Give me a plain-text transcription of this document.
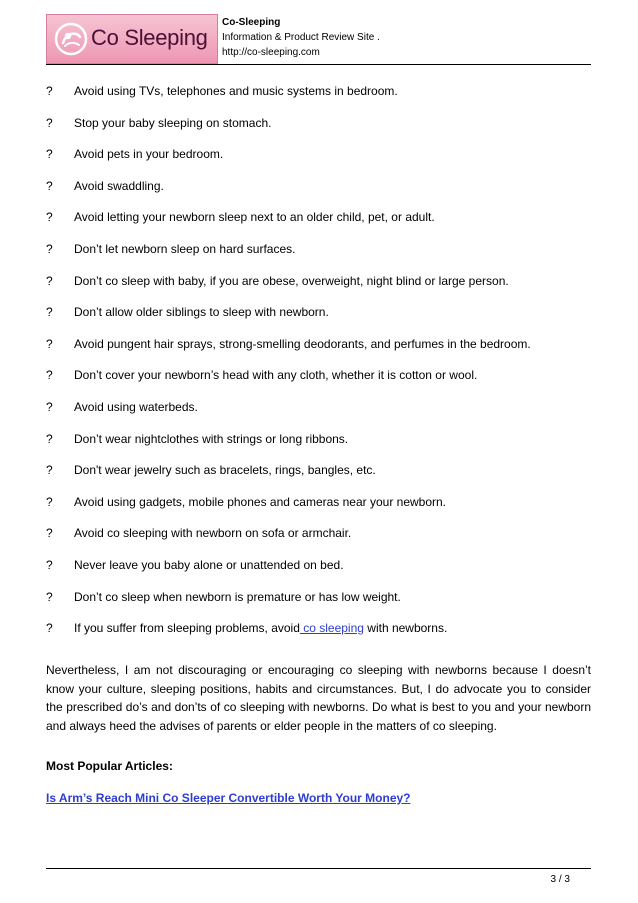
Co Sleeping
Co-Sleeping
Information & Product Review Site .
http://co-sleeping.com
? Avoid using TVs, telephones and music systems in bedroom.
? Stop your baby sleeping on stomach.
? Avoid pets in your bedroom.
? Avoid swaddling.
? Avoid letting your newborn sleep next to an older child, pet, or adult.
? Don’t let newborn sleep on hard surfaces.
? Don’t co sleep with baby, if you are obese, overweight, night blind or large person.
? Don’t allow older siblings to sleep with newborn.
? Avoid pungent hair sprays, strong-smelling deodorants, and perfumes in the bedroom.
? Don’t cover your newborn’s head with any cloth, whether it is cotton or wool.
? Avoid using waterbeds.
? Don’t wear nightclothes with strings or long ribbons.
? Don't wear jewelry such as bracelets, rings, bangles, etc.
? Avoid using gadgets, mobile phones and cameras near your newborn.
? Avoid co sleeping with newborn on sofa or armchair.
? Never leave you baby alone or unattended on bed.
? Don’t co sleep when newborn is premature or has low weight.
? If you suffer from sleeping problems, avoid co sleeping with newborns.

Nevertheless, I am not discouraging or encouraging co sleeping with newborns because I doesn’t know your culture, sleeping positions, habits and circumstances. But, I do advocate you to consider the prescribed do’s and don’ts of co sleeping with newborns. Do what is best to you and your newborn and always heed the advises of parents or elder people in the matters of co sleeping.

Most Popular Articles:
Is Arm’s Reach Mini Co Sleeper Convertible Worth Your Money?
3 / 3
